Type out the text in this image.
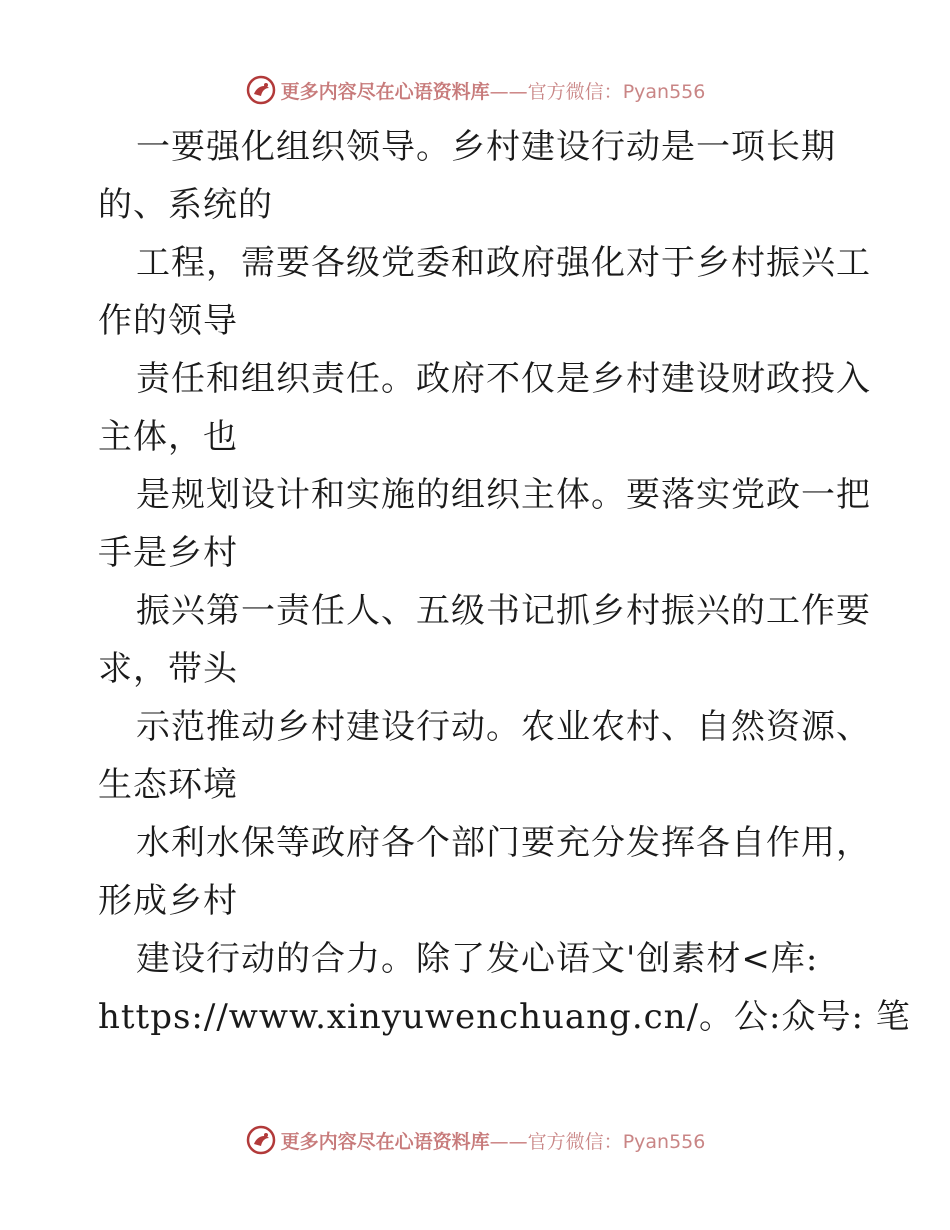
更多内容尽在心语资料库——官方微信：Pyan556
一要强化组织领导。乡村建设行动是一项长期
的、系统的
工程，需要各级党委和政府强化对于乡村振兴工
作的领导
责任和组织责任。政府不仅是乡村建设财政投入
主体，也
是规划设计和实施的组织主体。要落实党政一把
手是乡村
振兴第一责任人、五级书记抓乡村振兴的工作要
求，带头
示范推动乡村建设行动。农业农村、自然资源、
生态环境
水利水保等政府各个部门要充分发挥各自作用，
形成乡村
建设行动的合力。除了发心语文'创素材<库:
https://www.xinyuwenchuang.cn/。公:众号: 笔
更多内容尽在心语资料库——官方微信：Pyan556
